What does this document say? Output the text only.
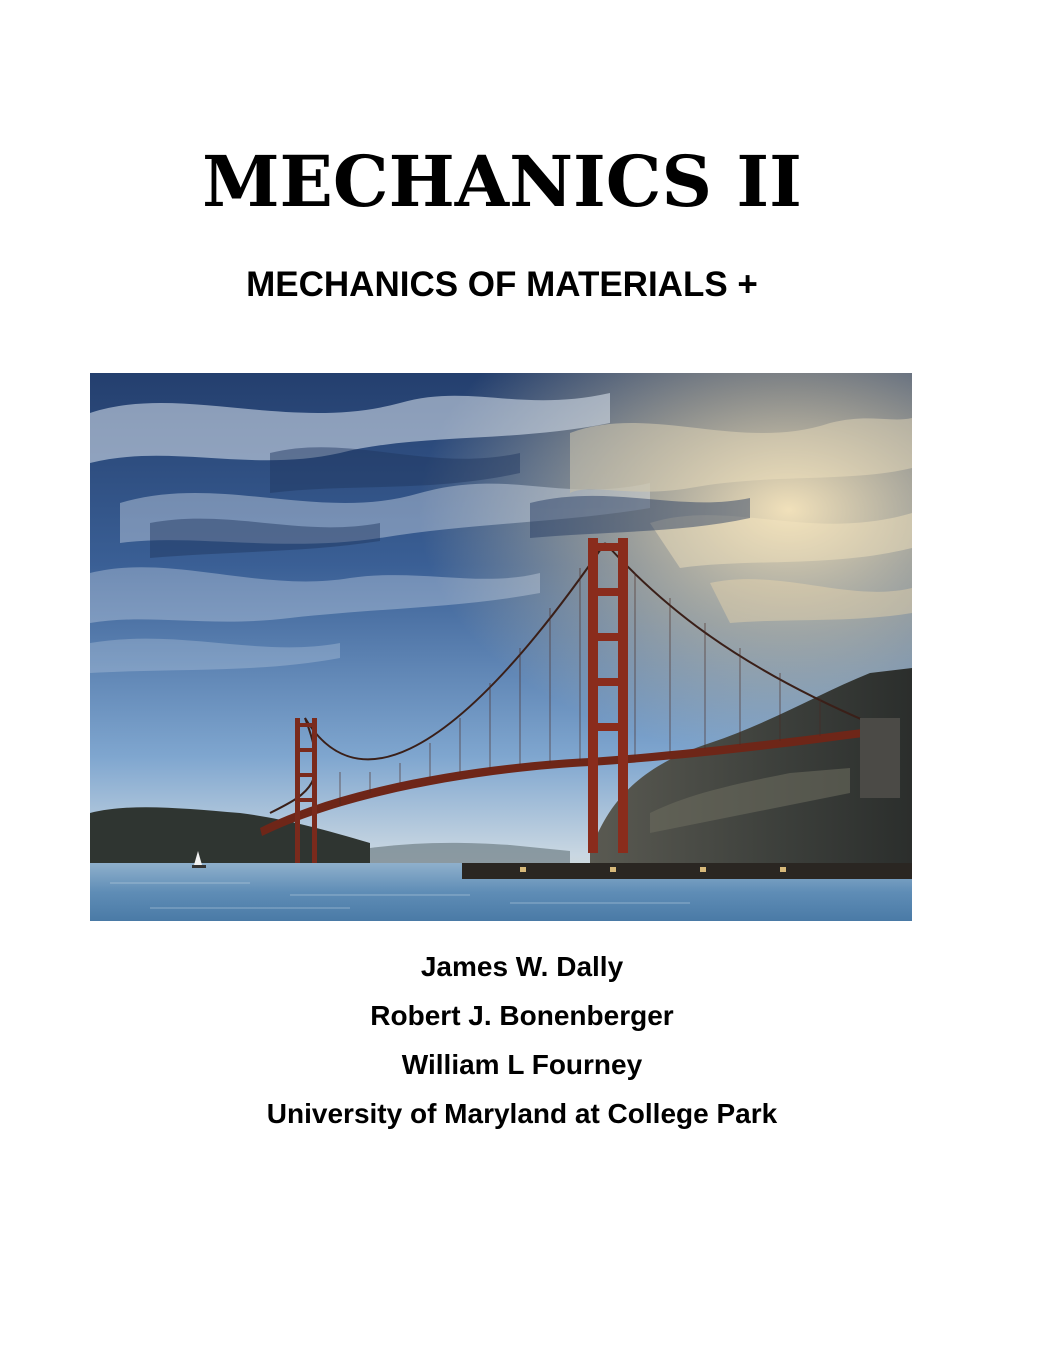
MECHANICS II
MECHANICS OF MATERIALS +
James W. Dally
Robert J. Bonenberger
William L Fourney
University of Maryland at College Park
